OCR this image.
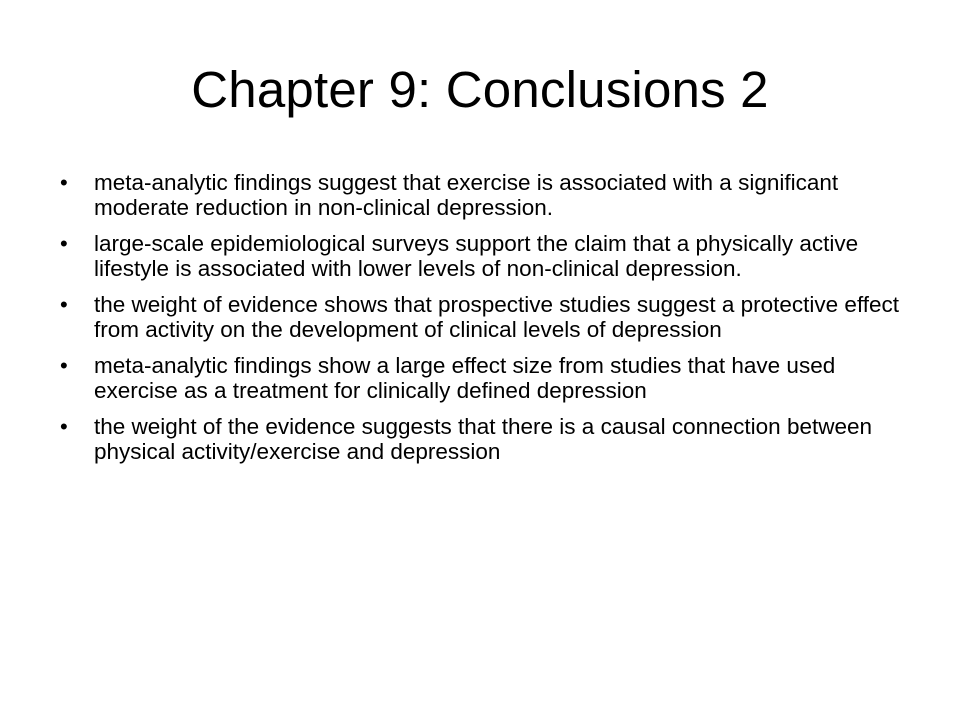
Chapter 9: Conclusions 2
• meta-analytic findings suggest that exercise is associated with a significant moderate reduction in non-clinical depression.
• large-scale epidemiological surveys support the claim that a physically active lifestyle is associated with lower levels of non-clinical depression.
• the weight of evidence shows that prospective studies suggest a protective effect from activity on the development of clinical levels of depression
• meta-analytic findings show a large effect size from studies that have used exercise as a treatment for clinically defined depression
• the weight of the evidence suggests that there is a causal connection between physical activity/exercise and depression
